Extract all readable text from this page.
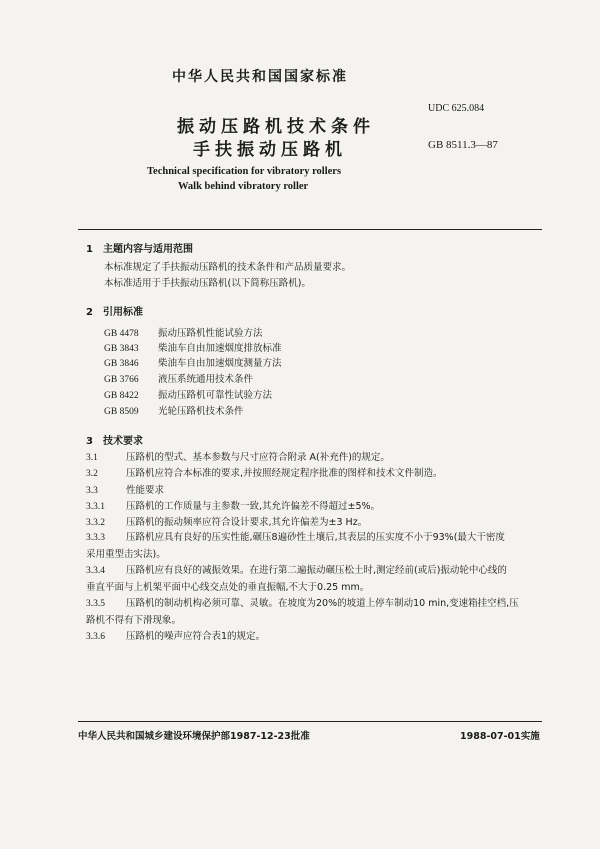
中华人民共和国国家标准
振动压路机技术条件
手扶振动压路机
UDC 625.084
GB 8511.3—87
Technical specification for vibratory rollers
Walk behind vibratory roller
1 主题内容与适用范围
本标准规定了手扶振动压路机的技术条件和产品质量要求。
本标准适用于手扶振动压路机(以下简称压路机)。
2 引用标准
GB 4478 振动压路机性能试验方法
GB 3843 柴油车自由加速烟度排放标准
GB 3846 柴油车自由加速烟度测量方法
GB 3766 液压系统通用技术条件
GB 8422 振动压路机可靠性试验方法
GB 8509 光轮压路机技术条件
3 技术要求
3.1	压路机的型式、基本参数与尺寸应符合附录 A(补充件)的规定。
3.2	压路机应符合本标准的要求,并按照经规定程序批准的图样和技术文件制造。
3.3	性能要求
3.3.1 压路机的工作质量与主参数一致,其允许偏差不得超过±5%。
3.3.2 压路机的振动频率应符合设计要求,其允许偏差为±3 Hz。
3.3.3 压路机应具有良好的压实性能,碾压8遍砂性土壤后,其表层的压实度不小于93%(最大干密度
采用重型击实法)。
3.3.4 压路机应有良好的减振效果。在进行第二遍振动碾压松土时,测定经前(或后)振动轮中心线的
垂直平面与上机架平面中心线交点处的垂直振幅,不大于0.25 mm。
3.3.5 压路机的制动机构必须可靠、灵敏。在坡度为20%的坡道上停车制动10 min,变速箱挂空档,压
路机不得有下滑现象。
3.3.6 压路机的噪声应符合表1的规定。
中华人民共和国城乡建设环境保护部1987-12-23批准	1988-07-01实施
